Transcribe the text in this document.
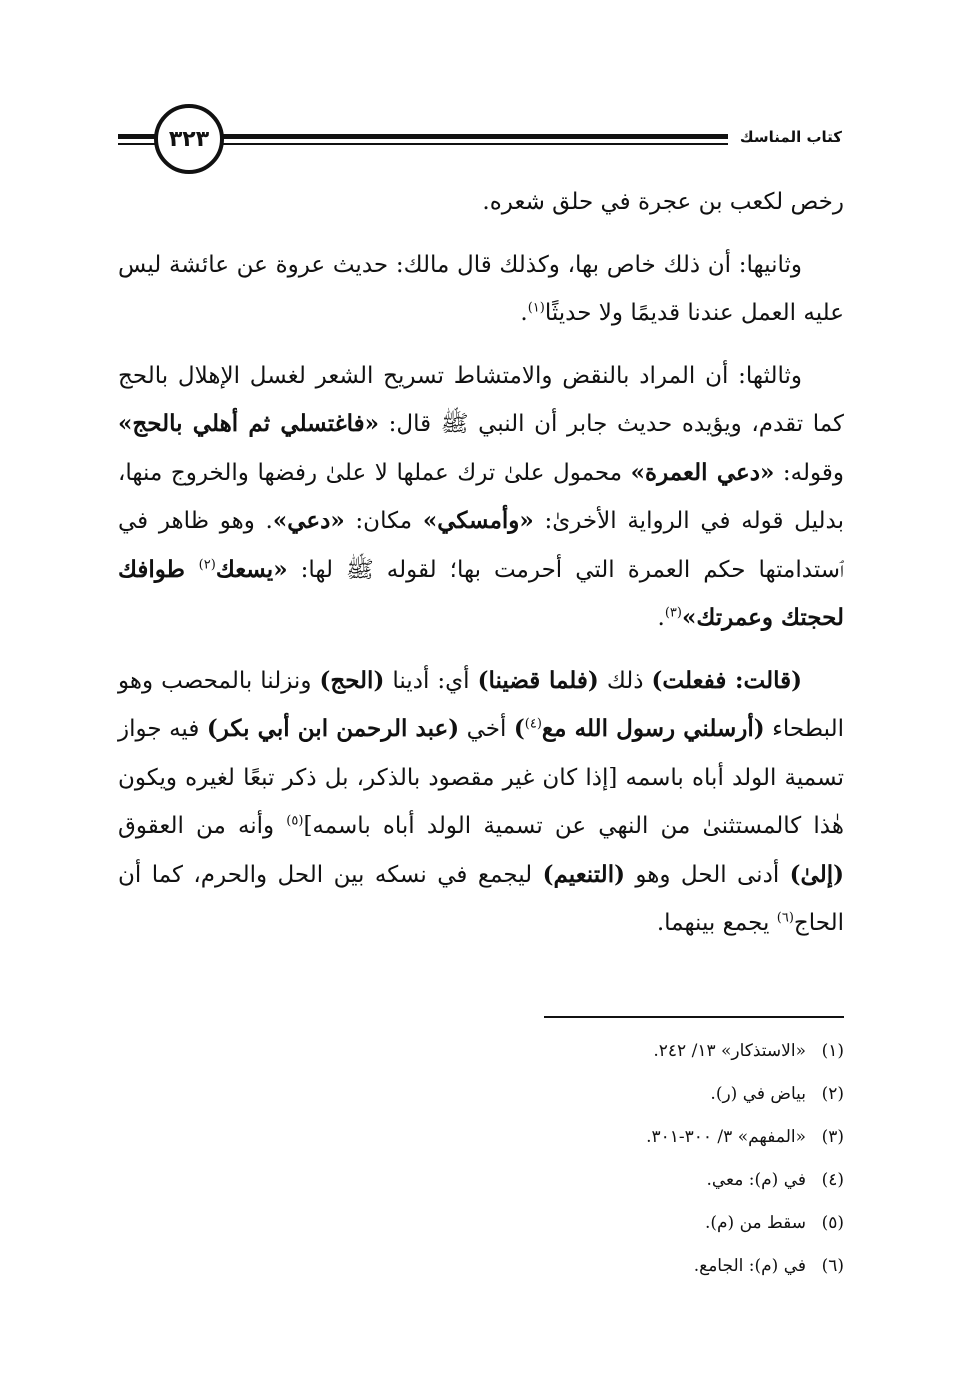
كتاب المناسك
٣٢٣

رخص لكعب بن عجرة في حلق شعره.

وثانيها: أن ذلك خاص بها، وكذلك قال مالك: حديث عروة عن عائشة ليس عليه العمل عندنا قديمًا ولا حديثًا$^{(١)}$.

وثالثها: أن المراد بالنقض والامتشاط تسريح الشعر لغسل الإهلال بالحج كما تقدم، ويؤيده حديث جابر أن النبي ﷺ قال: «فاغتسلي ثم أهلي بالحج» وقوله: «دعي العمرة» محمول علىٰ ترك عملها لا علىٰ رفضها والخروج منها، بدليل قوله في الرواية الأخرىٰ: «وأمسكي» مكان: «دعي». وهو ظاهر في ٱستدامتها حكم العمرة التي أحرمت بها؛ لقوله ﷺ لها: «يسعك$^{(٢)}$ طوافك لحجتك وعمرتك»$^{(٣)}$.

(قالت: ففعلت) ذلك (فلما قضينا) أي: أدينا (الحج) ونزلنا بالمحصب وهو البطحاء (أرسلني رسول الله مع$^{(٤)}$) أخي (عبد الرحمن ابن أبي بكر) فيه جواز تسمية الولد أباه باسمه [إذا كان غير مقصود بالذكر، بل ذكر تبعًا لغيره ويكون هٰذا كالمستثنىٰ من النهي عن تسمية الولد أباه باسمه]$^{(٥)}$ وأنه من العقوق (إلىٰ) أدنى الحل وهو (التنعيم) ليجمع في نسكه بين الحل والحرم، كما أن الحاج$^{(٦)}$ يجمع بينهما.

(١)«الاستذكار» ١٣/ ٢٤٢.
(٢)بياض في (ر).
(٣)«المفهم» ٣/ ٣٠٠-٣٠١.
(٤)في (م): معي.
(٥)سقط من (م).
(٦)في (م): الجامع.
